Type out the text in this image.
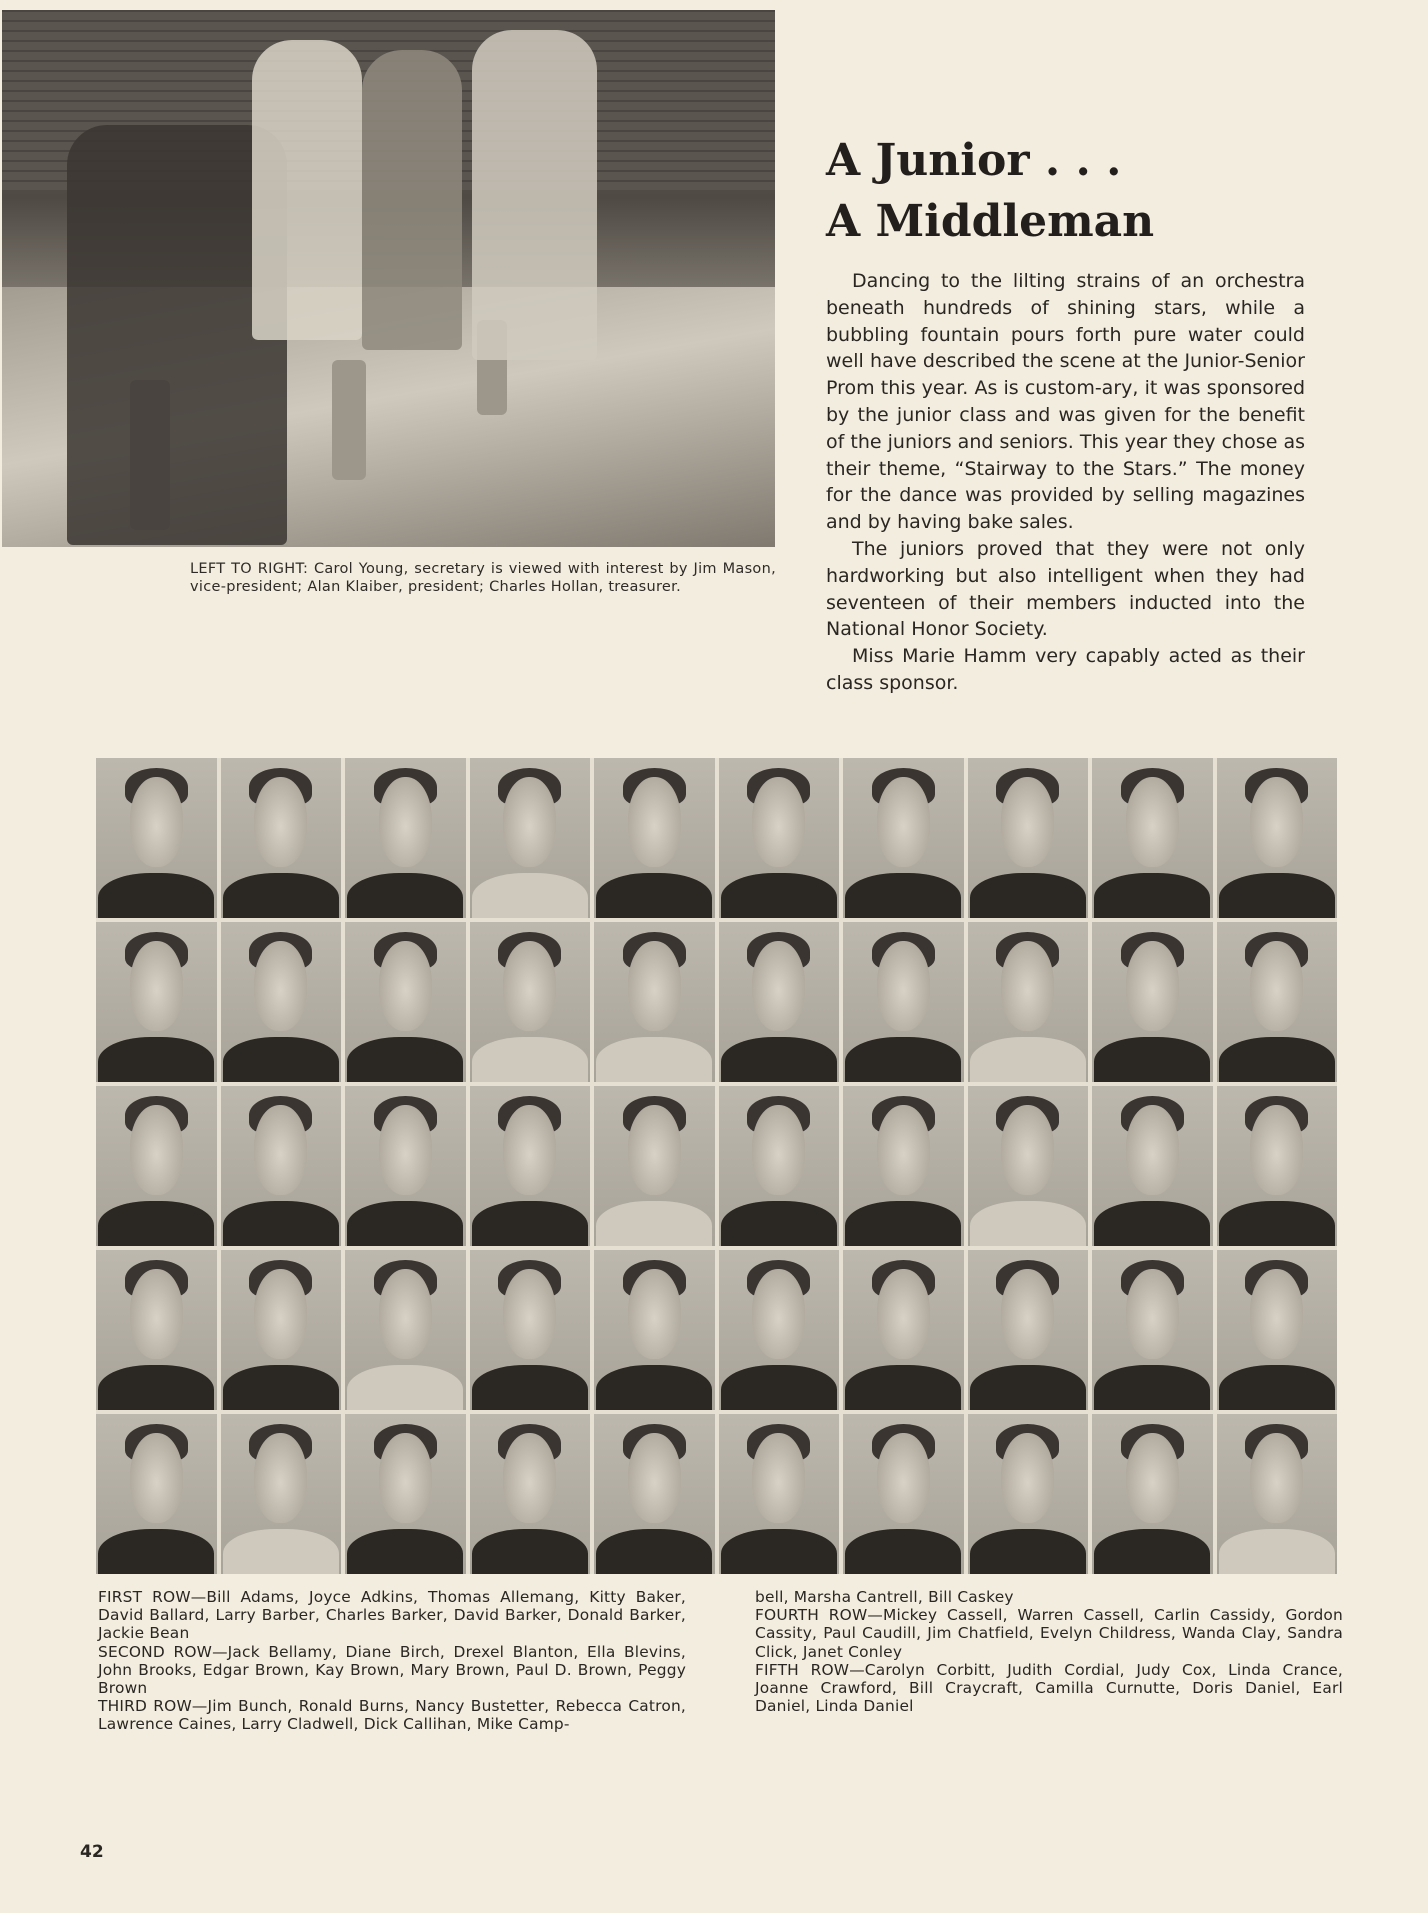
LEFT TO RIGHT: Carol Young, secretary is viewed with interest by Jim Mason, vice-president; Alan Klaiber, president; Charles Hollan, treasurer.
A Junior . . .
A Middleman

Dancing to the lilting strains of an orchestra beneath hundreds of shining stars, while a bubbling fountain pours forth pure water could well have described the scene at the Junior-Senior Prom this year. As is custom-ary, it was sponsored by the junior class and was given for the benefit of the juniors and seniors. This year they chose as their theme, “Stairway to the Stars.” The money for the dance was provided by selling magazines and by having bake sales.

The juniors proved that they were not only hardworking but also intelligent when they had seventeen of their members inducted into the National Honor Society.

Miss Marie Hamm very capably acted as their class sponsor.

FIRST ROW—Bill Adams, Joyce Adkins, Thomas Allemang, Kitty Baker, David Ballard, Larry Barber, Charles Barker, David Barker, Donald Barker, Jackie Bean

SECOND ROW—Jack Bellamy, Diane Birch, Drexel Blanton, Ella Blevins, John Brooks, Edgar Brown, Kay Brown, Mary Brown, Paul D. Brown, Peggy Brown

THIRD ROW—Jim Bunch, Ronald Burns, Nancy Bustetter, Rebecca Catron, Lawrence Caines, Larry Cladwell, Dick Callihan, Mike Camp-

bell, Marsha Cantrell, Bill Caskey

FOURTH ROW—Mickey Cassell, Warren Cassell, Carlin Cassidy, Gordon Cassity, Paul Caudill, Jim Chatfield, Evelyn Childress, Wanda Clay, Sandra Click, Janet Conley

FIFTH ROW—Carolyn Corbitt, Judith Cordial, Judy Cox, Linda Crance, Joanne Crawford, Bill Craycraft, Camilla Curnutte, Doris Daniel, Earl Daniel, Linda Daniel

42
